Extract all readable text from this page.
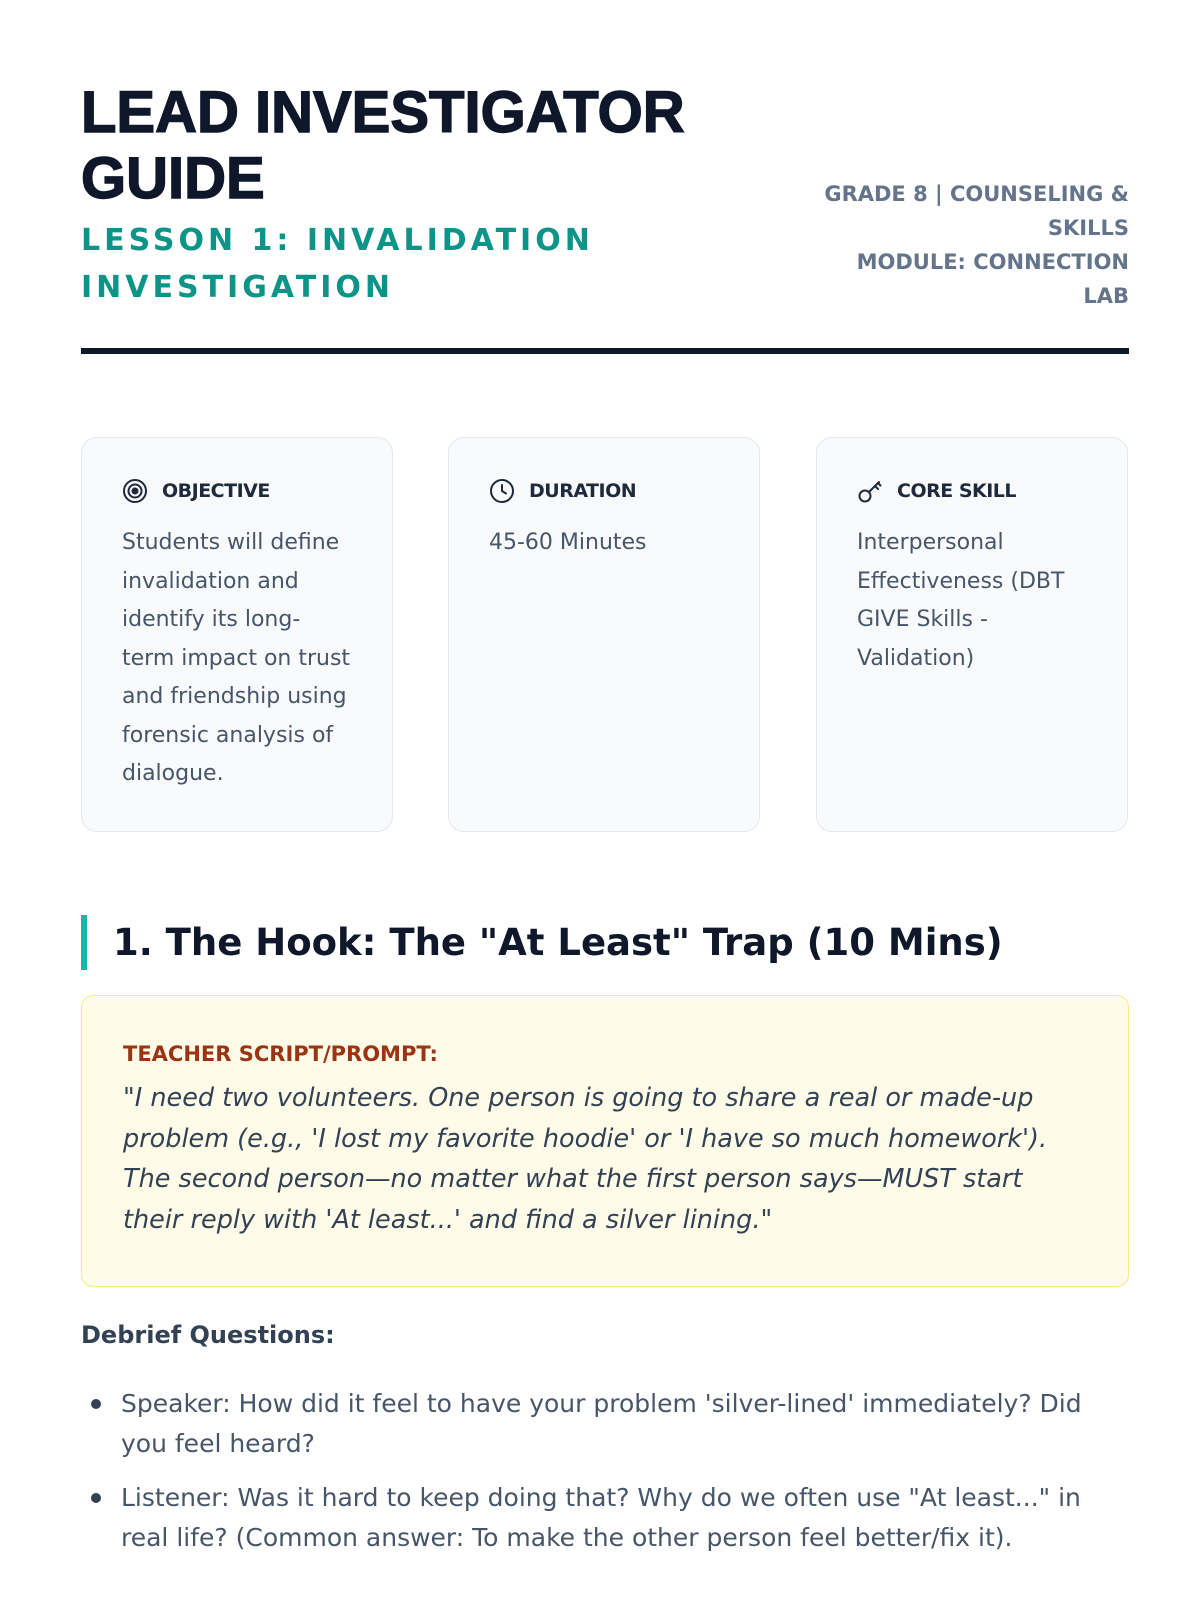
LEAD INVESTIGATOR
GUIDE
LESSON 1: INVALIDATION
INVESTIGATION
GRADE 8 | COUNSELING &
SKILLS
MODULE: CONNECTION
LAB
OBJECTIVE
Students will define invalidation and identify its long-term impact on trust and friendship using forensic analysis of dialogue.
DURATION
45-60 Minutes
CORE SKILL
Interpersonal Effectiveness (DBT GIVE Skills - Validation)
1. The Hook: The "At Least" Trap (10 Mins)
TEACHER SCRIPT/PROMPT:
"I need two volunteers. One person is going to share a real or made-up problem (e.g., 'I lost my favorite hoodie' or 'I have so much homework'). The second person—no matter what the first person says—MUST start their reply with 'At least...' and find a silver lining."
Debrief Questions:
Speaker: How did it feel to have your problem 'silver-lined' immediately? Did you feel heard?
Listener: Was it hard to keep doing that? Why do we often use "At least..." in real life? (Common answer: To make the other person feel better/fix it).
